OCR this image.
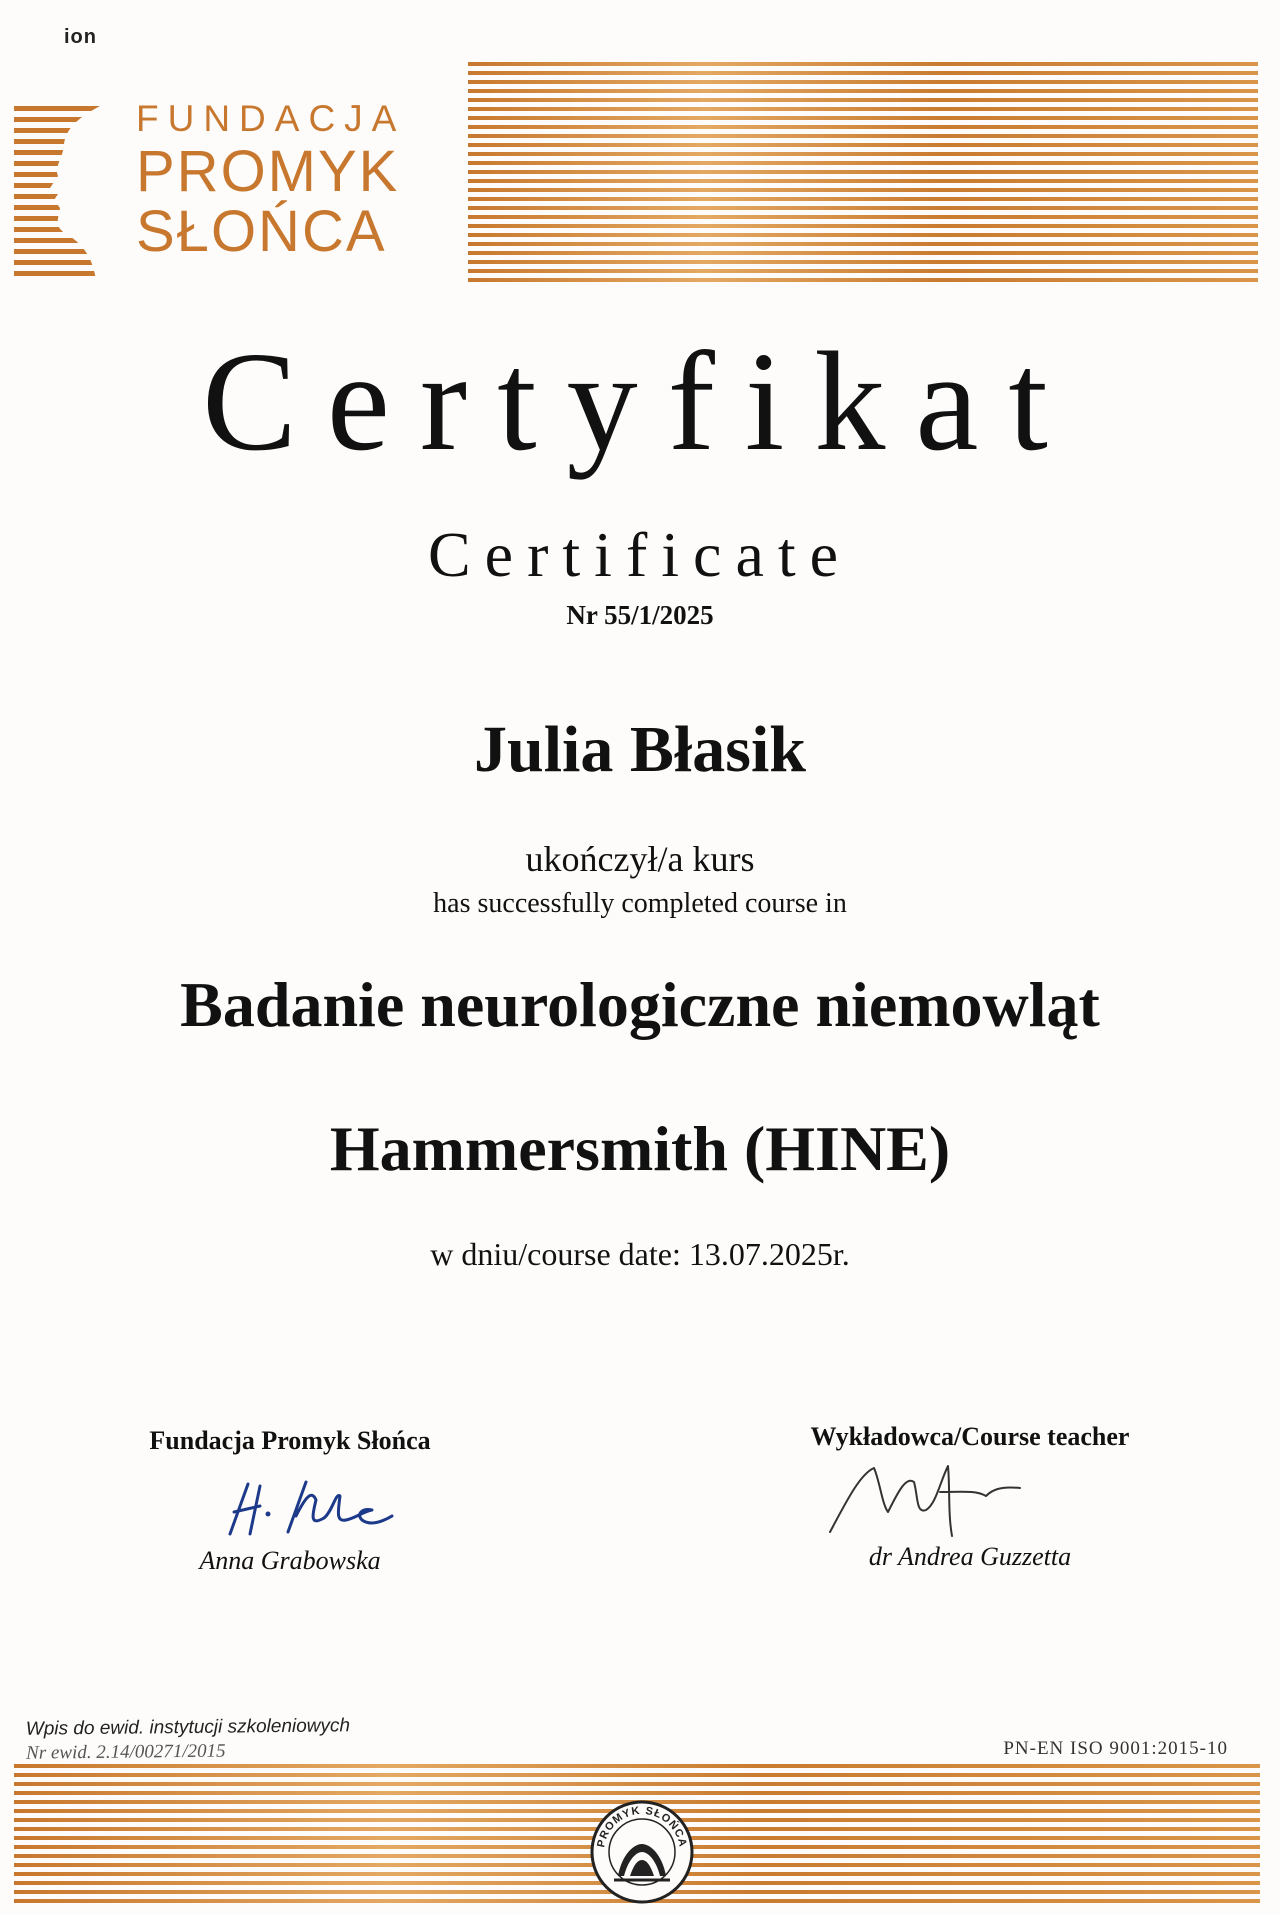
ion
FUNDACJA
PROMYK
SŁOŃCA
Certyfikat
Certificate
Nr 55/1/2025
Julia Błasik
ukończył/a kurs
has successfully completed course in
Badanie neurologiczne niemowląt
Hammersmith (HINE)
w dniu/course date: 13.07.2025r.
Fundacja Promyk Słońca
Anna Grabowska
Wykładowca/Course teacher
dr Andrea Guzzetta
Wpis do ewid. instytucji szkoleniowych
Nr ewid. 2.14/00271/2015	PN-EN ISO 9001:2015-10
PROMYK SŁOŃCA
